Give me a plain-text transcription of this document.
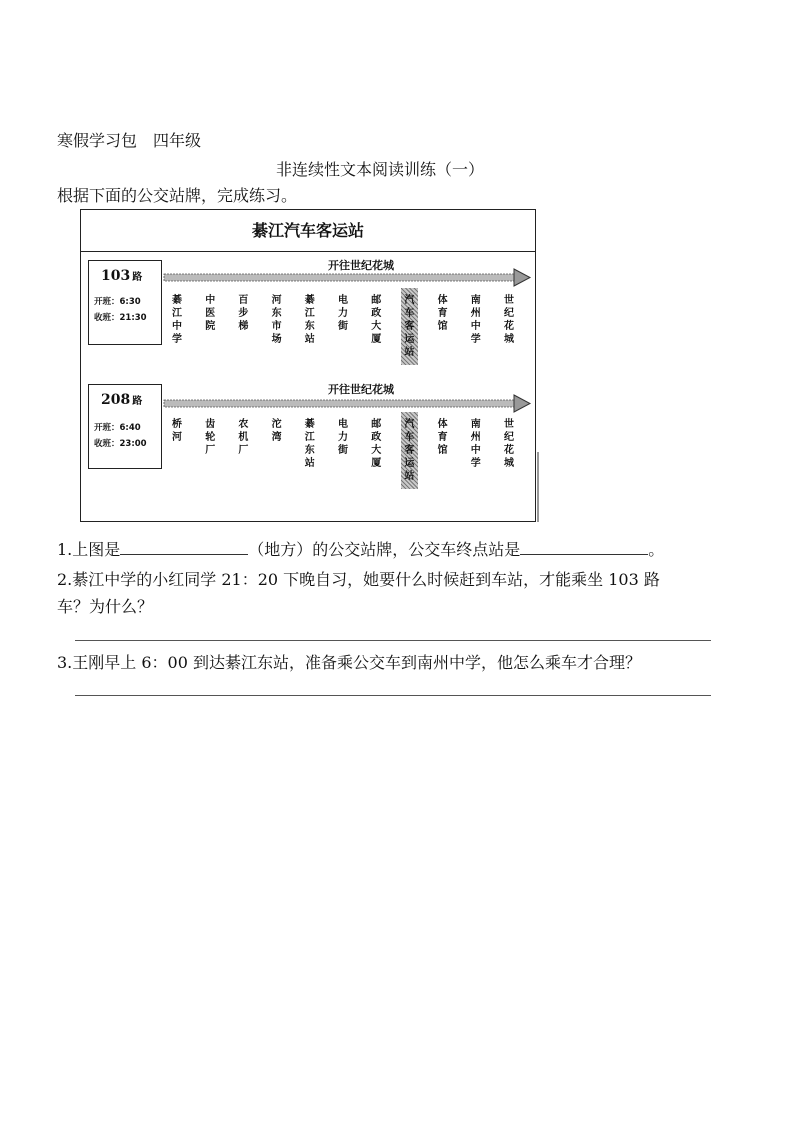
寒假学习包　四年级
非连续性文本阅读训练（一）
根据下面的公交站牌，完成练习。
綦江汽车客运站
103 路
开班：6:30
收班：21:30
开往世纪花城
綦江中学
中医院
百步梯
河东市场
綦江东站
电力街
邮政大厦
汽车客运站
体育馆
南州中学
世纪花城
208 路
开班：6:40
收班：23:00
开往世纪花城
桥河
齿轮厂
农机厂
沱湾
綦江东站
电力街
邮政大厦
汽车客运站
体育馆
南州中学
世纪花城
1.上图是	（地方）的公交站牌，公交车终点站是	。
2.綦江中学的小红同学 21：20 下晚自习，她要什么时候赶到车站，才能乘坐 103 路
车？为什么？
3.王刚早上 6：00 到达綦江东站，准备乘公交车到南州中学，他怎么乘车才合理？
